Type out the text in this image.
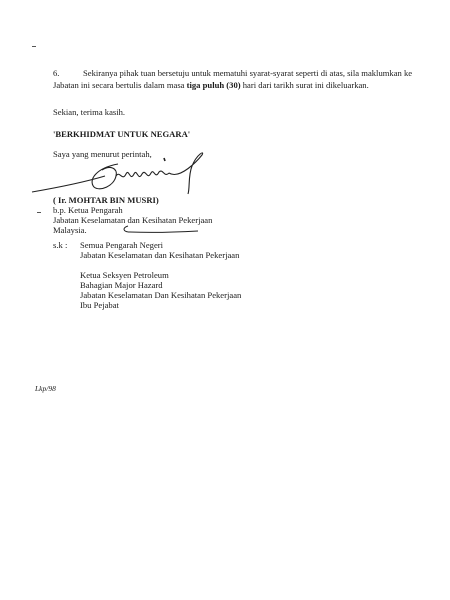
6.	Sekiranya pihak tuan bersetuju untuk mematuhi syarat-syarat seperti di atas, sila maklumkan ke
Jabatan ini secara bertulis dalam masa tiga puluh (30) hari dari tarikh surat ini dikeluarkan.
Sekian, terima kasih.
'BERKHIDMAT UNTUK NEGARA'
Saya yang menurut perintah,
( Ir. MOHTAR BIN MUSRI)
b.p. Ketua Pengarah
Jabatan Keselamatan dan Kesihatan Pekerjaan
Malaysia.
s.k : Semua Pengarah Negeri
Jabatan Keselamatan dan Kesihatan Pekerjaan
Ketua Seksyen Petroleum
Bahagian Major Hazard
Jabatan Keselamatan Dan Kesihatan Pekerjaan
Ibu Pejabat
Lkp/98
